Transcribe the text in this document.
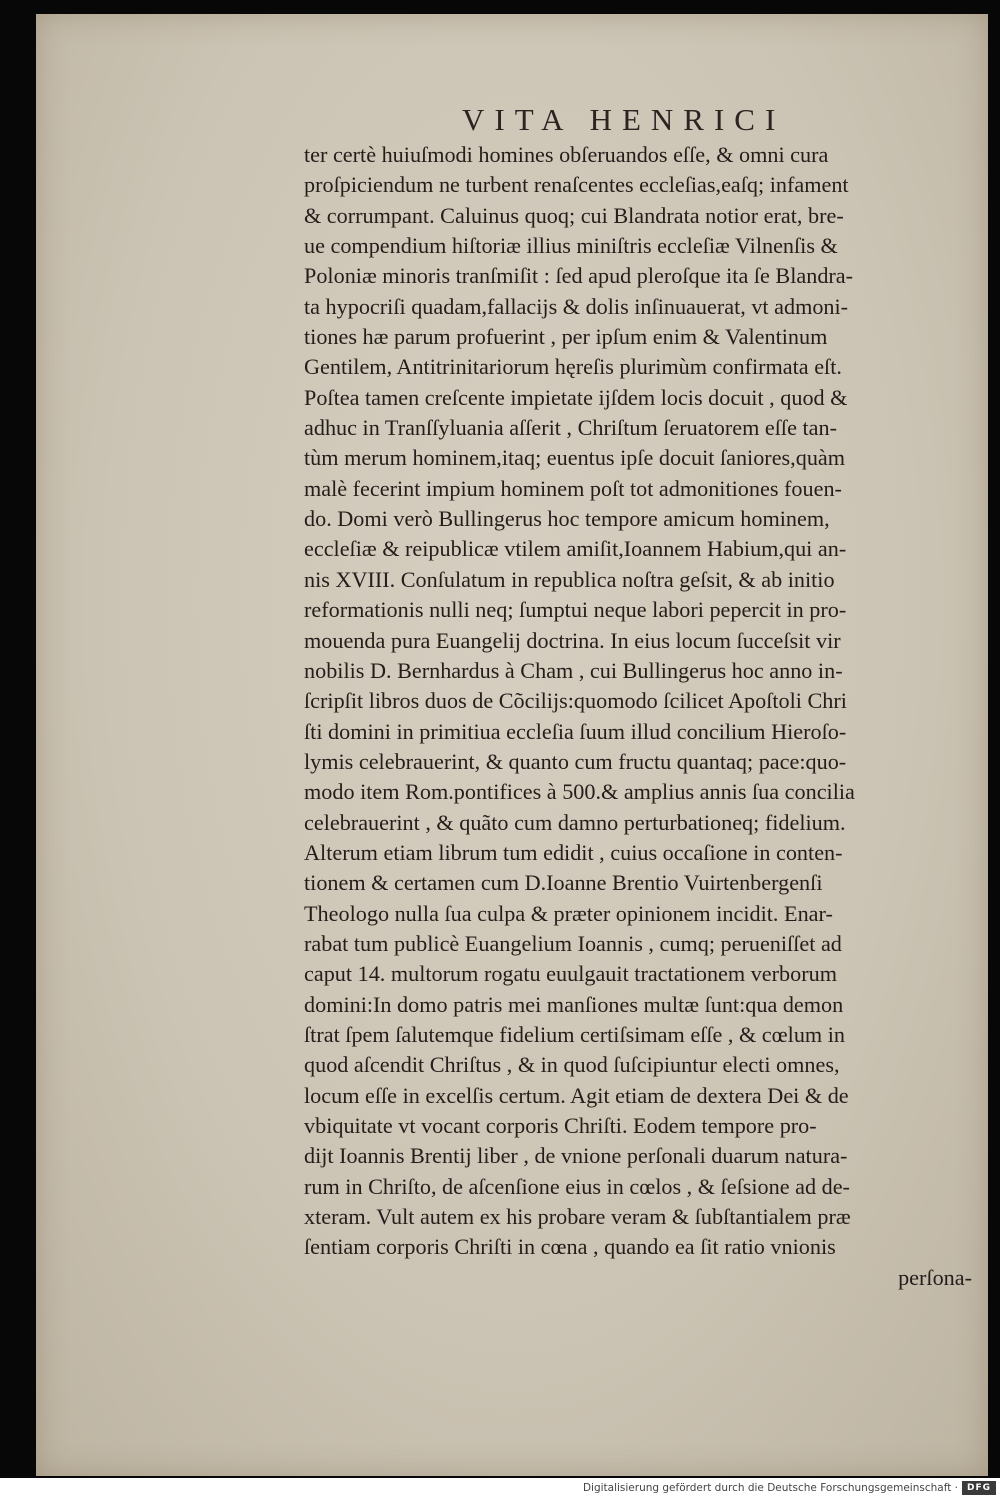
VITA HENRICI
ter certè huiuſmodi homines obſeruandos eſſe, & omni cura
proſpiciendum ne turbent renaſcentes eccleſias,eaſq; infament
& corrumpant. Caluinus quoq; cui Blandrata notior erat, bre-
ue compendium hiſtoriæ illius miniſtris eccleſiæ Vilnenſis &
Poloniæ minoris tranſmiſit : ſed apud pleroſque ita ſe Blandra-
ta hypocriſi quadam,fallacijs & dolis inſinuauerat, vt admoni-
tiones hæ parum profuerint , per ipſum enim & Valentinum
Gentilem, Antitrinitariorum hęreſis plurimùm confirmata eſt.
Poſtea tamen creſcente impietate ijſdem locis docuit , quod &
adhuc in Tranſſyluania aſſerit , Chriſtum ſeruatorem eſſe tan-
tùm merum hominem,itaq; euentus ipſe docuit ſaniores,quàm
malè fecerint impium hominem poſt tot admonitiones fouen-
do. Domi verò Bullingerus hoc tempore amicum hominem,
eccleſiæ & reipublicæ vtilem amiſit,Ioannem Habium,qui an-
nis XVIII. Conſulatum in republica noſtra geſsit, & ab initio
reformationis nulli neq; ſumptui neque labori pepercit in pro-
mouenda pura Euangelij doctrina. In eius locum ſucceſsit vir
nobilis D. Bernhardus à Cham , cui Bullingerus hoc anno in-
ſcripſit libros duos de Cõcilijs:quomodo ſcilicet Apoſtoli Chri
ſti domini in primitiua eccleſia ſuum illud concilium Hieroſo-
lymis celebrauerint, & quanto cum fructu quantaq; pace:quo-
modo item Rom.pontifices à 500.& amplius annis ſua concilia
celebrauerint , & quãto cum damno perturbationeq; fidelium.
Alterum etiam librum tum edidit , cuius occaſione in conten-
tionem & certamen cum D.Ioanne Brentio Vuirtenbergenſi
Theologo nulla ſua culpa & præter opinionem incidit. Enar-
rabat tum publicè Euangelium Ioannis , cumq; perueniſſet ad
caput 14. multorum rogatu euulgauit tractationem verborum
domini:In domo patris mei manſiones multæ ſunt:qua demon
ſtrat ſpem ſalutemque fidelium certiſsimam eſſe , & cœlum in
quod aſcendit Chriſtus , & in quod ſuſcipiuntur electi omnes,
locum eſſe in excelſis certum. Agit etiam de dextera Dei & de
vbiquitate vt vocant corporis Chriſti. Eodem tempore pro-
dijt Ioannis Brentij liber , de vnione perſonali duarum natura-
rum in Chriſto, de aſcenſione eius in cœlos , & ſeſsione ad de-
xteram. Vult autem ex his probare veram & ſubſtantialem præ
ſentiam corporis Chriſti in cœna , quando ea ſit ratio vnionis
perſona-
Digitalisierung gefördert durch die Deutsche Forschungsgemeinschaft · DFG
